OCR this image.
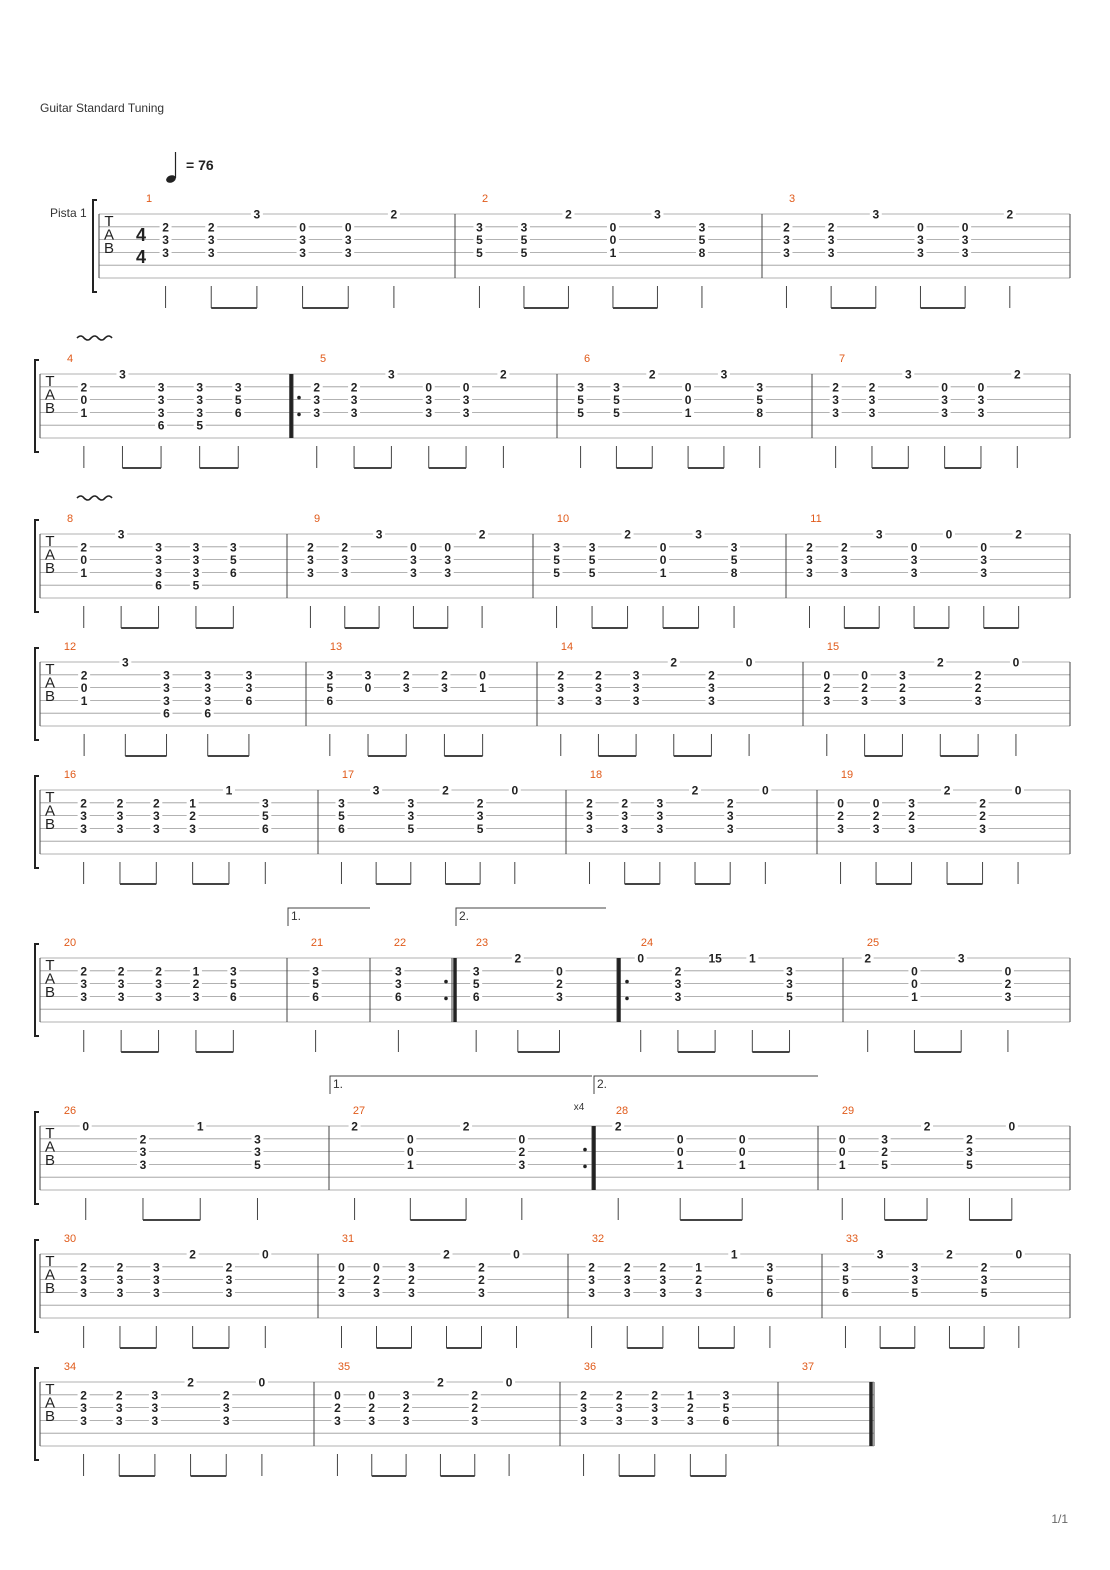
Guitar Standard Tuning
= 76
Pista 1 T
A
B
4
4
1
2
3
3
2
3
3
3
0
3
3
0
3
3
2
2
3
5
5
3
5
5
2
0
0
1
3
3
5
8
3
2
3
3
2
3
3
3
0
3
3
0
3
3
2
T
A
B
4
2
0
1
3
3
3
3
6
3
3
3
5
3
5
6
5
2
3
3
2
3
3
3
0
3
3
0
3
3
2
6
3
5
5
3
5
5
2
0
0
1
3
3
5
8
7
2
3
3
2
3
3
3
0
3
3
0
3
3
2
T
A
B
8
2
0
1
3
3
3
3
6
3
3
3
5
3
5
6
9
2
3
3
2
3
3
3
0
3
3
0
3
3
2
10
3
5
5
3
5
5
2
0
0
1
3
3
5
8
11
2
3
3
2
3
3
3
0
3
3
0
0
3
3
2
T
A
B
12
2
0
1
3
3
3
3
6
3
3
3
6
3
3
6
13
3
5
6
3
0
2
3
2
3
0
1
14
2
3
3
2
3
3
3
3
3
2
2
3
3
0
15
0
2
3
0
2
3
3
2
3
2
2
2
3
0
T
A
B
16
2
3
3
2
3
3
2
3
3
1
2
3
1
3
5
6
17
3
5
6
3
3
3
5
2
2
3
5
0
18
2
3
3
2
3
3
3
3
3
2
2
3
3
0
19
0
2
3
0
2
3
3
2
3
2
2
2
3
0
T
A
B
20
2
3
3
2
3
3
2
3
3
1
2
3
3
5
6
21
3
5
6
22
3
3
6
23
3
5
6
2
0
2
3
24
0
2
3
3
15 1
3
3
5
25
2
0
0
1
3
0
2
3
T
A
B
26
0
2
3
3
1
3
3
5
27
2
0
0
1
2
0
2
3
28
2
0
0
1
0
0
1
29
0
0
1
3
2
5
2
2
3
5
0
T
A
B
30
2
3
3
2
3
3
3
3
3
2
2
3
3
0
31
0
2
3
0
2
3
3
2
3
2
2
2
3
0
32
2
3
3
2
3
3
2
3
3
1
2
3
1
3
5
6
33
3
5
6
3
3
3
5
2
2
3
5
0
T
A
B
34
2
3
3
2
3
3
3
3
3
2
2
3
3
0
35
0
2
3
0
2
3
3
2
3
2
2
2
3
0
36
2
3
3
2
3
3
2
3
3
1
2
3
3
5
6
37
1.	2.
1.	2.
x4
1/1
